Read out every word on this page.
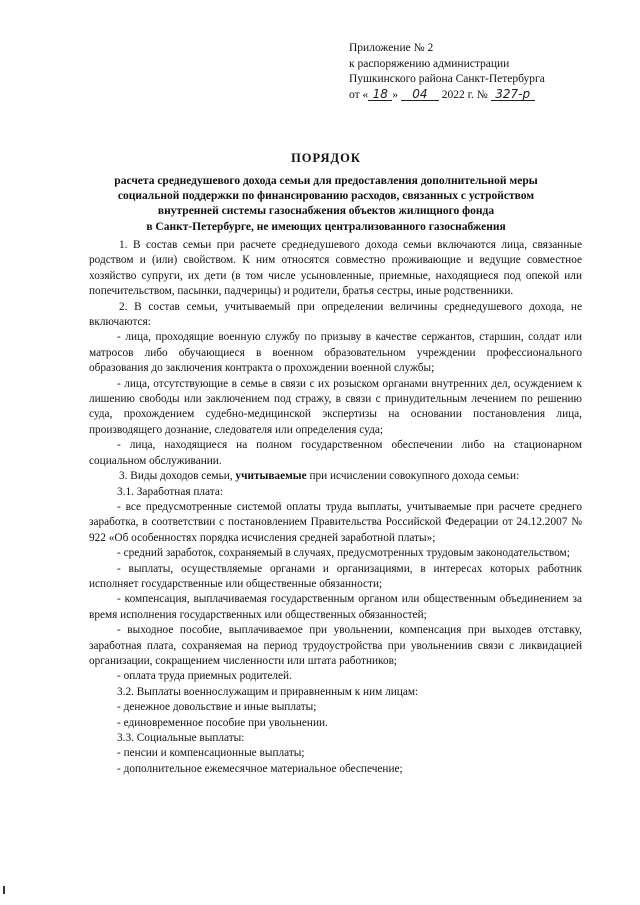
Приложение № 2
к распоряжению администрации
Пушкинского района Санкт-Петербурга
от « 18 » 04 2022 г. № 327-р
ПОРЯДОК
расчета среднедушевого дохода семьи для предоставления дополнительной меры
социальной поддержки по финансированию расходов, связанных с устройством
внутренней системы газоснабжения объектов жилищного фонда
в Санкт-Петербурге, не имеющих централизованного газоснабжения

1. В состав семьи при расчете среднедушевого дохода семьи включаются лица, связанные родством и (или) свойством. К ним относятся совместно проживающие и ведущие совместное хозяйство супруги, их дети (в том числе усыновленные, приемные, находящиеся под опекой или попечительством, пасынки, падчерицы) и родители, братья сестры, иные родственники.

2. В состав семьи, учитываемый при определении величины среднедушевого дохода, не включаются:

- лица, проходящие военную службу по призыву в качестве сержантов, старшин, солдат или матросов либо обучающиеся в военном образовательном учреждении профессионального образования до заключения контракта о прохождении военной службы;

- лица, отсутствующие в семье в связи с их розыском органами внутренних дел, осуждением к лишению свободы или заключением под стражу, в связи с принудительным лечением по решению суда, прохождением судебно-медицинской экспертизы на основании постановления лица, производящего дознание, следователя или определения суда;

- лица, находящиеся на полном государственном обеспечении либо на стационарном социальном обслуживании.

3. Виды доходов семьи, учитываемые при исчислении совокупного дохода семьи:

3.1. Заработная плата:

- все предусмотренные системой оплаты труда выплаты, учитываемые при расчете среднего заработка, в соответствии с постановлением Правительства Российской Федерации от 24.12.2007 № 922 «Об особенностях порядка исчисления средней заработной платы»;

- средний заработок, сохраняемый в случаях, предусмотренных трудовым законодательством;

- выплаты, осуществляемые органами и организациями, в интересах которых работник исполняет государственные или общественные обязанности;

- компенсация, выплачиваемая государственным органом или общественным объединением за время исполнения государственных или общественных обязанностей;

- выходное пособие, выплачиваемое при увольнении, компенсация при выходев отставку, заработная плата, сохраняемая на период трудоустройства при увольнениив связи с ликвидацией организации, сокращением численности или штата работников;

- оплата труда приемных родителей.

3.2. Выплаты военнослужащим и приравненным к ним лицам:

- денежное довольствие и иные выплаты;

- единовременное пособие при увольнении.

3.3. Социальные выплаты:

- пенсии и компенсационные выплаты;

- дополнительное ежемесячное материальное обеспечение;
